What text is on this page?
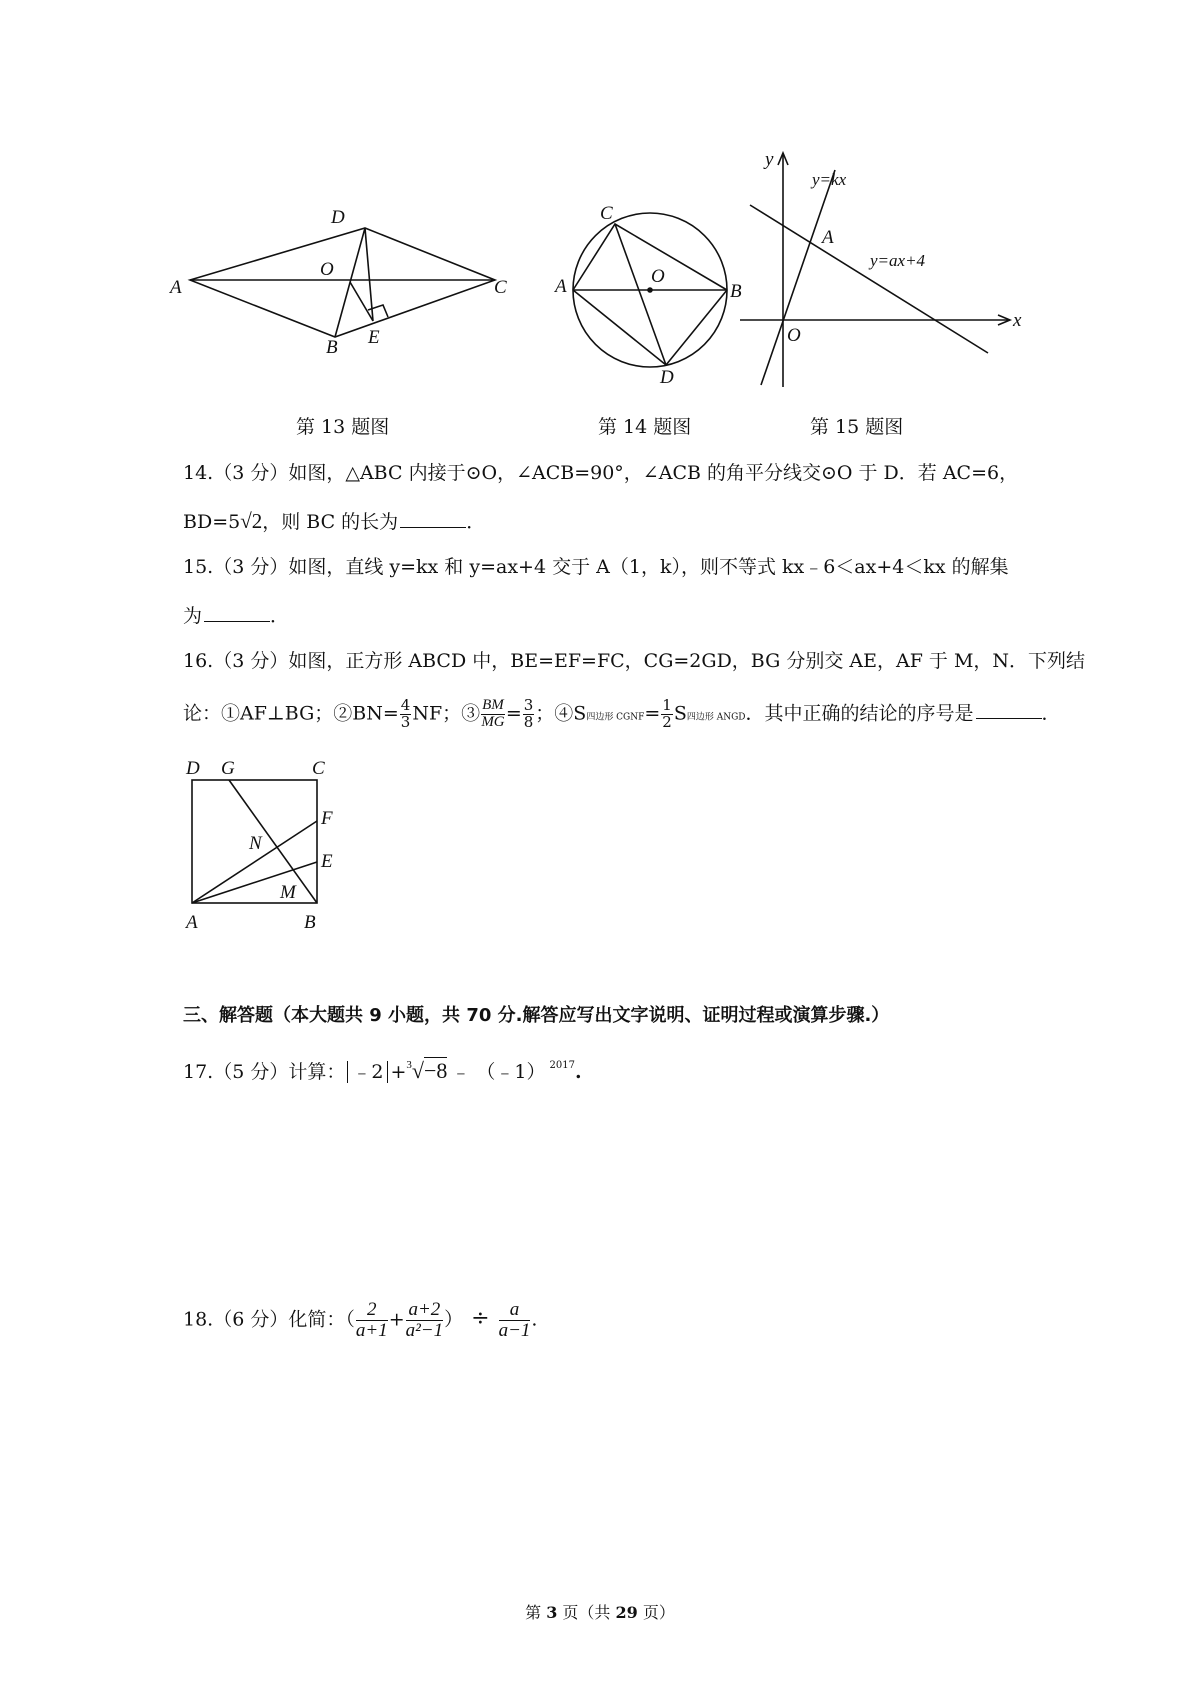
A
D
O
C
B E
第 13 题图
C
A	O
B
D
第 14 题图
y
y=kx
A
y=ax+4
O
x
第 15 题图
14.（3 分）如图，△ABC 内接于⊙O，∠ACB=90°，∠ACB 的角平分线交⊙O 于 D．若 AC=6，
BD=5√2，则 BC 的长为	．
15.（3 分）如图，直线 y=kx 和 y=ax+4 交于 A（1，k），则不等式 kx﹣6＜ax+4＜kx 的解集
为	．
16.（3 分）如图，正方形 ABCD 中，BE=EF=FC，CG=2GD，BG 分别交 AE，AF 于 M，N．下列结
论：①AF⊥BG；②BN= $\frac{4}{3}$ NF；③ $\frac{BM}{MG} = \frac{3}{8}$ ；④S四边形 CGNF= $\frac{1}{2}$ S四边形 ANGD．其中正确的结论的序号是	．
D G	C
F
N
E
M
A	B
三、解答题（本大题共 9 小题，共 70 分.解答应写出文字说明、证明过程或演算步骤.）
17.（5 分）计算： ﹣2 +$^3$√−8 ﹣ （﹣1） $^{2017}$.
18.（6 分）化简：（ $\frac{2}{a+1} + \frac{a+2}{\text{a²−1}}$ ） ÷ $\frac{a}{a-1}$ .
第 3 页（共 29 页）
